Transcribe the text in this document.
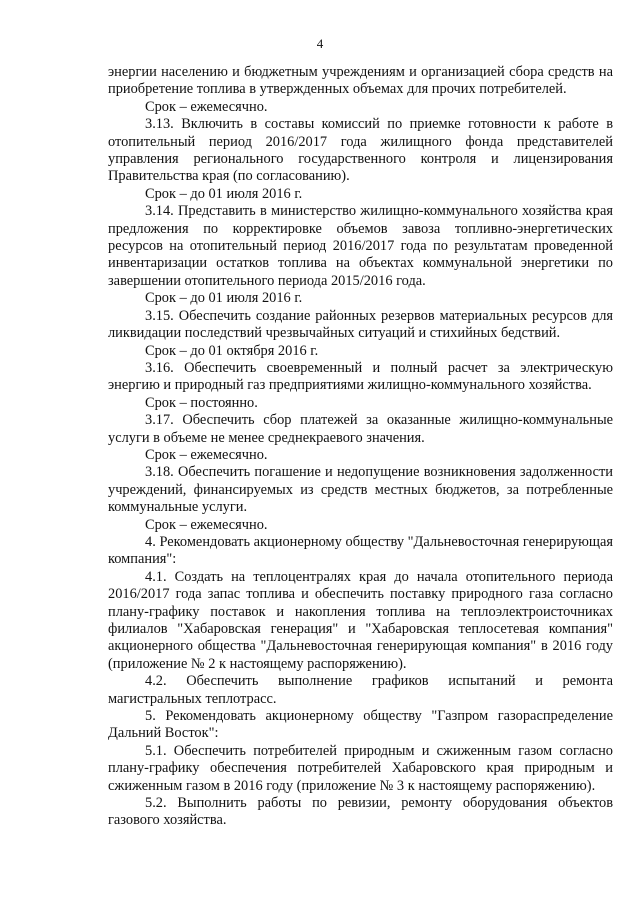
4

энергии населению и бюджетным учреждениям и организацией сбора средств на приобретение топлива в утвержденных объемах для прочих потребителей.

Срок – ежемесячно.

3.13. Включить в составы комиссий по приемке готовности к работе в отопительный период 2016/2017 года жилищного фонда представителей управления регионального государственного контроля и лицензирования Правительства края (по согласованию).

Срок – до 01 июля 2016 г.

3.14. Представить в министерство жилищно-коммунального хозяйства края предложения по корректировке объемов завоза топливно-энергетических ресурсов на отопительный период 2016/2017 года по результатам проведенной инвентаризации остатков топлива на объектах коммунальной энергетики по завершении отопительного периода 2015/2016 года.

Срок – до 01 июля 2016 г.

3.15. Обеспечить создание районных резервов материальных ресурсов для ликвидации последствий чрезвычайных ситуаций и стихийных бедствий.

Срок – до 01 октября 2016 г.

3.16. Обеспечить своевременный и полный расчет за электрическую энергию и природный газ предприятиями жилищно-коммунального хозяйства.

Срок – постоянно.

3.17. Обеспечить сбор платежей за оказанные жилищно-коммунальные услуги в объеме не менее среднекраевого значения.

Срок – ежемесячно.

3.18. Обеспечить погашение и недопущение возникновения задолженности учреждений, финансируемых из средств местных бюджетов, за потребленные коммунальные услуги.

Срок – ежемесячно.

4. Рекомендовать акционерному обществу "Дальневосточная генерирующая компания":

4.1. Создать на теплоцентралях края до начала отопительного периода 2016/2017 года запас топлива и обеспечить поставку природного газа согласно плану-графику поставок и накопления топлива на теплоэлектроисточниках филиалов "Хабаровская генерация" и "Хабаровская теплосетевая компания" акционерного общества "Дальневосточная генерирующая компания" в 2016 году (приложение № 2 к настоящему распоряжению).

4.2. Обеспечить выполнение графиков испытаний и ремонта магистральных теплотрасс.

5. Рекомендовать акционерному обществу "Газпром газораспределение Дальний Восток":

5.1. Обеспечить потребителей природным и сжиженным газом согласно плану-графику обеспечения потребителей Хабаровского края природным и сжиженным газом в 2016 году (приложение № 3 к настоящему распоряжению).

5.2. Выполнить работы по ревизии, ремонту оборудования объектов газового хозяйства.
